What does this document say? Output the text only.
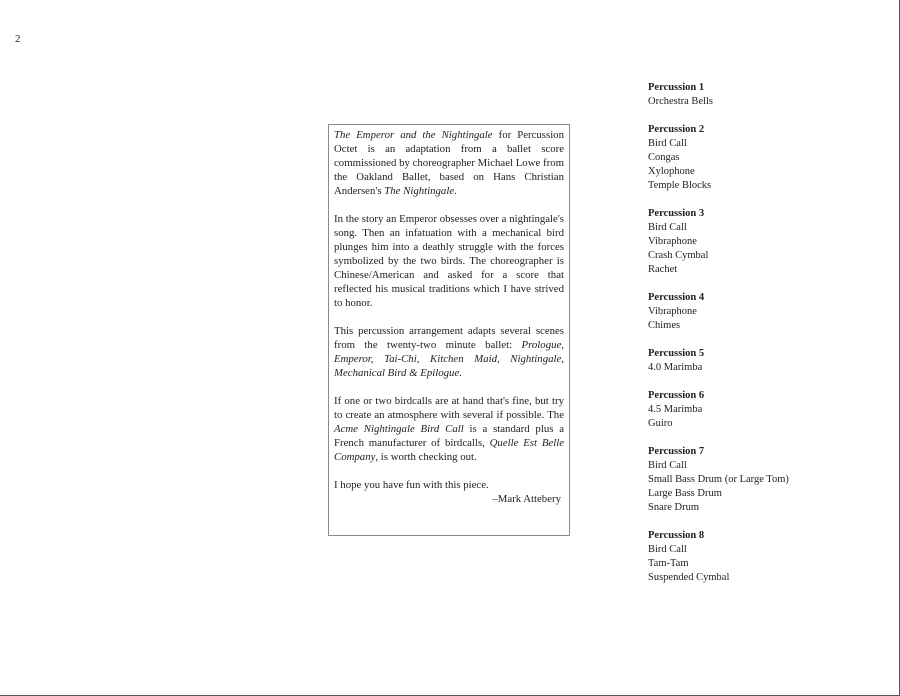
2

The Emperor and the Nightingale for Percussion Octet is an adaptation from a ballet score commissioned by choreographer Michael Lowe from the Oakland Ballet, based on Hans Christian Andersen's The Nightingale.

In the story an Emperor obsesses over a nightingale's song. Then an infatuation with a mechanical bird plunges him into a deathly struggle with the forces symbolized by the two birds. The choreographer is Chinese/American and asked for a score that reflected his musical traditions which I have strived to honor.

This percussion arrangement adapts several scenes from the twenty-two minute ballet: Prologue, Emperor, Tai-Chi, Kitchen Maid, Nightingale, Mechanical Bird & Epilogue.

If one or two birdcalls are at hand that's fine, but try to create an atmosphere with several if possible. The Acme Nightingale Bird Call is a standard plus a French manufacturer of birdcalls, Quelle Est Belle Company, is worth checking out.

I hope you have fun with this piece.

–Mark Attebery
Percussion 1
Orchestra Bells
Percussion 2
Bird Call
Congas
Xylophone
Temple Blocks
Percussion 3
Bird Call
Vibraphone
Crash Cymbal
Rachet
Percussion 4
Vibraphone
Chimes
Percussion 5
4.0 Marimba
Percussion 6
4.5 Marimba
Guiro
Percussion 7
Bird Call
Small Bass Drum (or Large Tom)
Large Bass Drum
Snare Drum
Percussion 8
Bird Call
Tam-Tam
Suspended Cymbal
